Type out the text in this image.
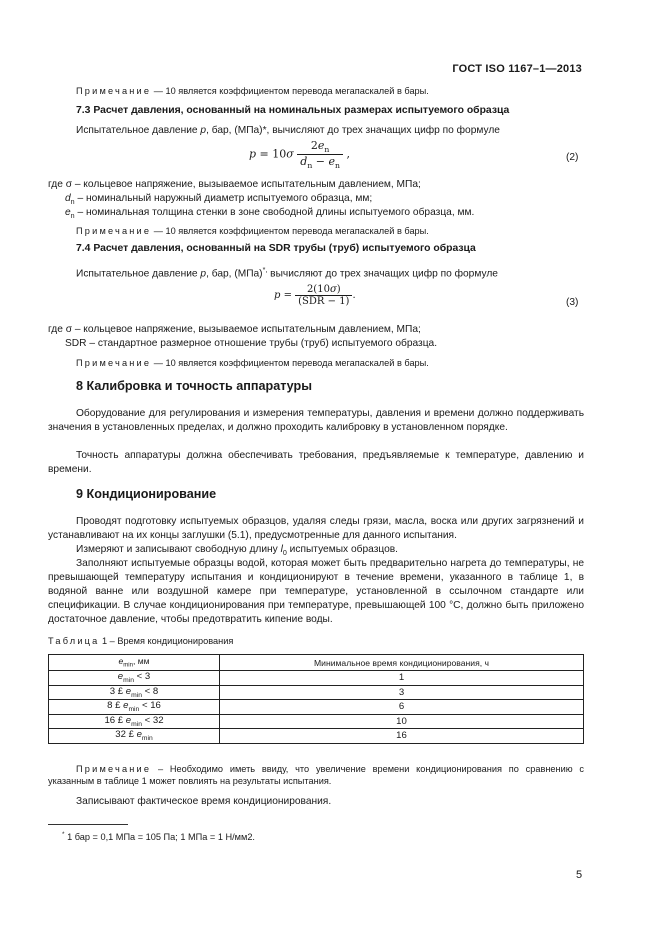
ГОСТ ISO 1167–1—2013
Примечание — 10 является коэффициентом перевода мегапаскалей в бары.
7.3 Расчет давления, основанный на номинальных размерах испытуемого образца
Испытательное давление p, бар, (МПа)*, вычисляют до трех значащих цифр по формуле
$p = 10\sigma \frac{2e_n}{d_n - e_n}$ ,	(2)
где σ – кольцевое напряжение, вызываемое испытательным давлением, МПа;
$d_n$ – номинальный наружный диаметр испытуемого образца, мм;
$e_n$ – номинальная толщина стенки в зоне свободной длины испытуемого образца, мм.
Примечание — 10 является коэффициентом перевода мегапаскалей в бары.
7.4 Расчет давления, основанный на SDR трубы (труб) испытуемого образца
Испытательное давление p, бар, (МПа)*, вычисляют до трех значащих цифр по формуле
$p = \frac{2(10\sigma)}{\text{(SDR − 1)}}$ .
(3)
где σ – кольцевое напряжение, вызываемое испытательным давлением, МПа;
SDR – стандартное размерное отношение трубы (труб) испытуемого образца.
Примечание — 10 является коэффициентом перевода мегапаскалей в бары.
8 Калибровка и точность аппаратуры
Оборудование для регулирования и измерения температуры, давления и времени должно поддерживать значения в установленных пределах, и должно проходить калибровку в установленном порядке.
Точность аппаратуры должна обеспечивать требования, предъявляемые к температуре, давлению и времени.
9 Кондиционирование
Проводят подготовку испытуемых образцов, удаляя следы грязи, масла, воска или других загрязнений и устанавливают на их концы заглушки (5.1), предусмотренные для данного испытания.
Измеряют и записывают свободную длину $l_0$ испытуемых образцов.
Заполняют испытуемые образцы водой, которая может быть предварительно нагрета до температуры, не превышающей температуру испытания и кондиционируют в течение времени, указанного в таблице 1, в водяной ванне или воздушной камере при температуре, установленной в ссылочном стандарте или спецификации. В случае кондиционирования при температуре, превышающей 100 °C, должно быть приложено достаточное давление, чтобы предотвратить кипение воды.
Таблица 1 – Время кондиционирования
$e_{min}$, мм	Минимальное время кондиционирования, ч
$e_{min} < 3$	1
3 £ $e_{min} < 8$	3
8 £ $e_{min} < 16$	6
16 £ $e_{min} < 32$	10
32 £ $e_{min}$	16
Примечание – Необходимо иметь ввиду, что увеличение времени кондиционирования по сравнению с указанным в таблице 1 может повлиять на результаты испытания.
Записывают фактическое время кондиционирования.
* 1 бар = 0,1 МПа = 105 Па; 1 МПа = 1 Н/мм2.
5
